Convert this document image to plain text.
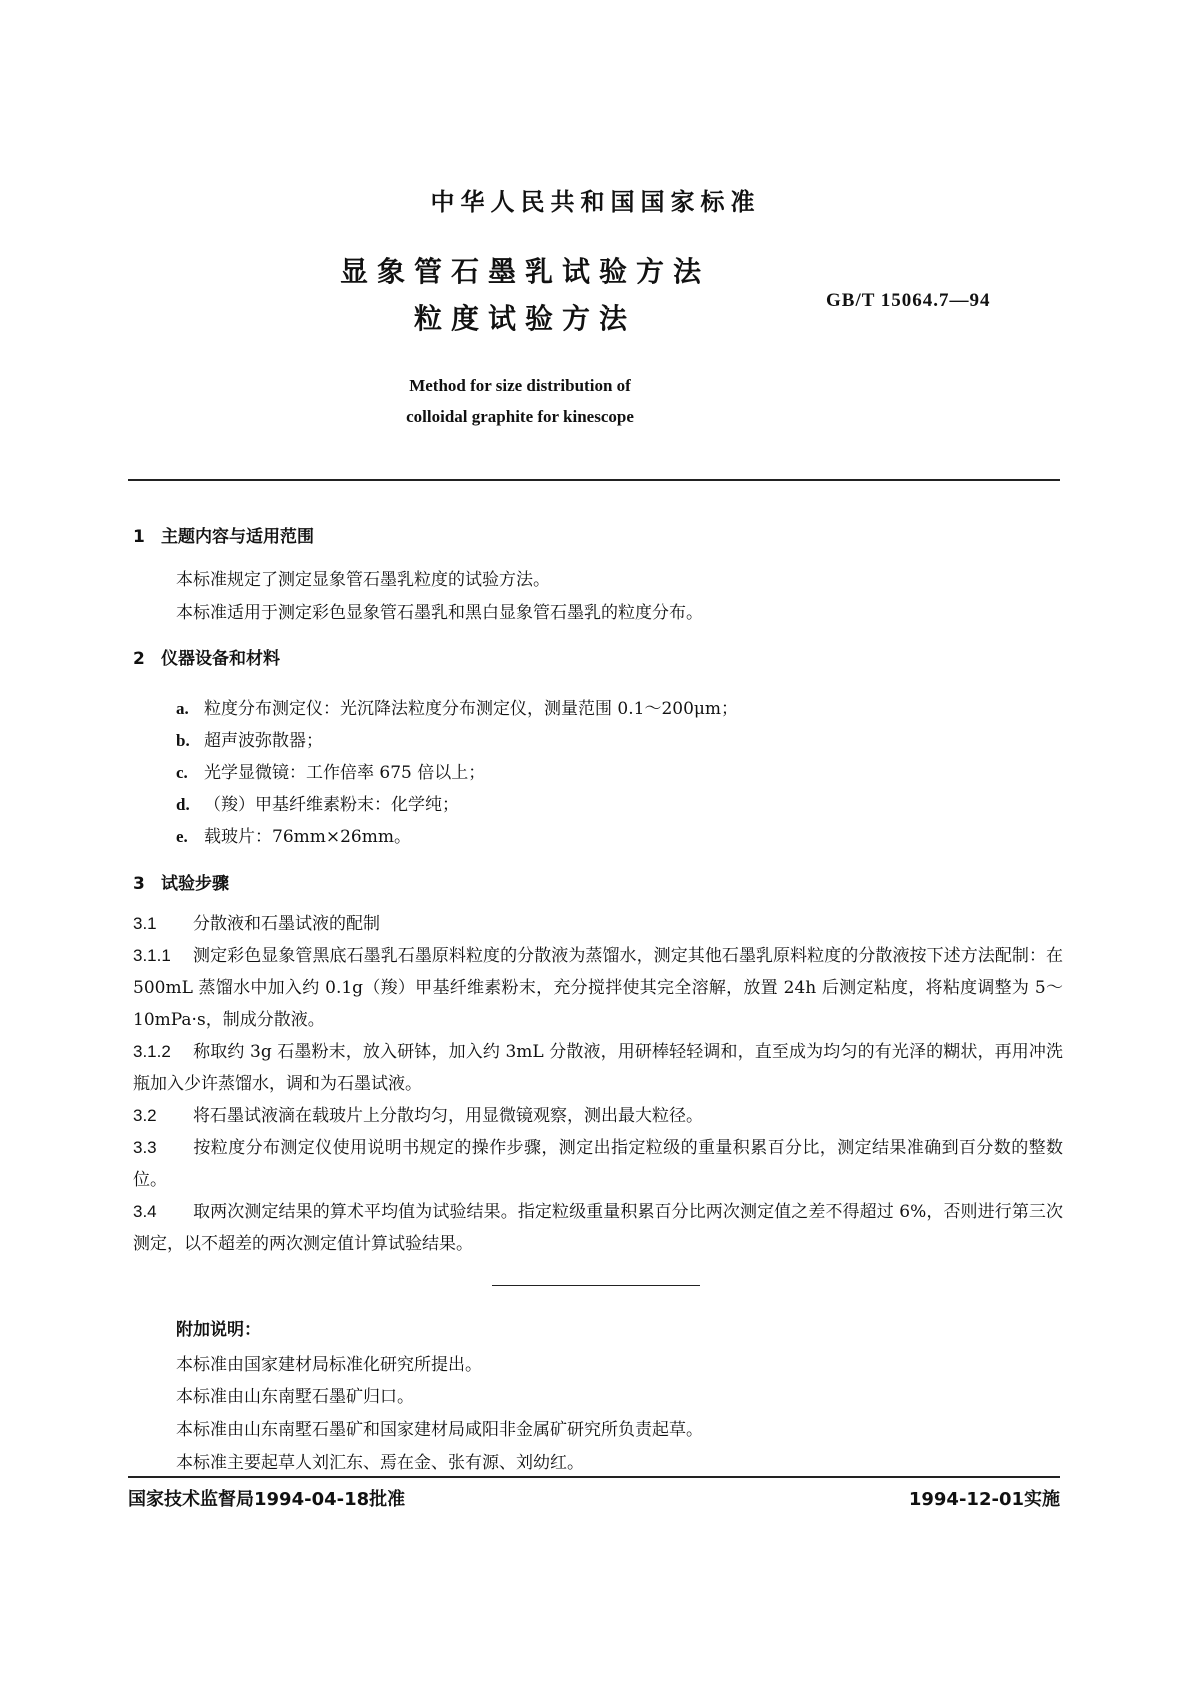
中华人民共和国国家标准
显象管石墨乳试验方法
粒度试验方法
GB/T 15064.7—94
Method for size distribution of
colloidal graphite for kinescope
1 主题内容与适用范围
本标准规定了测定显象管石墨乳粒度的试验方法。
本标准适用于测定彩色显象管石墨乳和黑白显象管石墨乳的粒度分布。
2 仪器设备和材料
a. 粒度分布测定仪：光沉降法粒度分布测定仪，测量范围 0.1～200μm；
b. 超声波弥散器；
c. 光学显微镜：工作倍率 675 倍以上；
d. （羧）甲基纤维素粉末：化学纯；
e. 载玻片：76mm×26mm。
3 试验步骤
3.1 分散液和石墨试液的配制
3.1.1 测定彩色显象管黑底石墨乳石墨原料粒度的分散液为蒸馏水，测定其他石墨乳原料粒度的分散液按下述方法配制：在 500mL 蒸馏水中加入约 0.1g（羧）甲基纤维素粉末，充分搅拌使其完全溶解，放置 24h 后测定粘度，将粘度调整为 5～10mPa·s，制成分散液。
3.1.2 称取约 3g 石墨粉末，放入研钵，加入约 3mL 分散液，用研棒轻轻调和，直至成为均匀的有光泽的糊状，再用冲洗瓶加入少许蒸馏水，调和为石墨试液。
3.2 将石墨试液滴在载玻片上分散均匀，用显微镜观察，测出最大粒径。
3.3 按粒度分布测定仪使用说明书规定的操作步骤，测定出指定粒级的重量积累百分比，测定结果准确到百分数的整数位。
3.4 取两次测定结果的算术平均值为试验结果。指定粒级重量积累百分比两次测定值之差不得超过 6%，否则进行第三次测定，以不超差的两次测定值计算试验结果。
附加说明：
本标准由国家建材局标准化研究所提出。
本标准由山东南墅石墨矿归口。
本标准由山东南墅石墨矿和国家建材局咸阳非金属矿研究所负责起草。
本标准主要起草人刘汇东、焉在金、张有源、刘幼红。
国家技术监督局1994-04-18批准	1994-12-01实施
